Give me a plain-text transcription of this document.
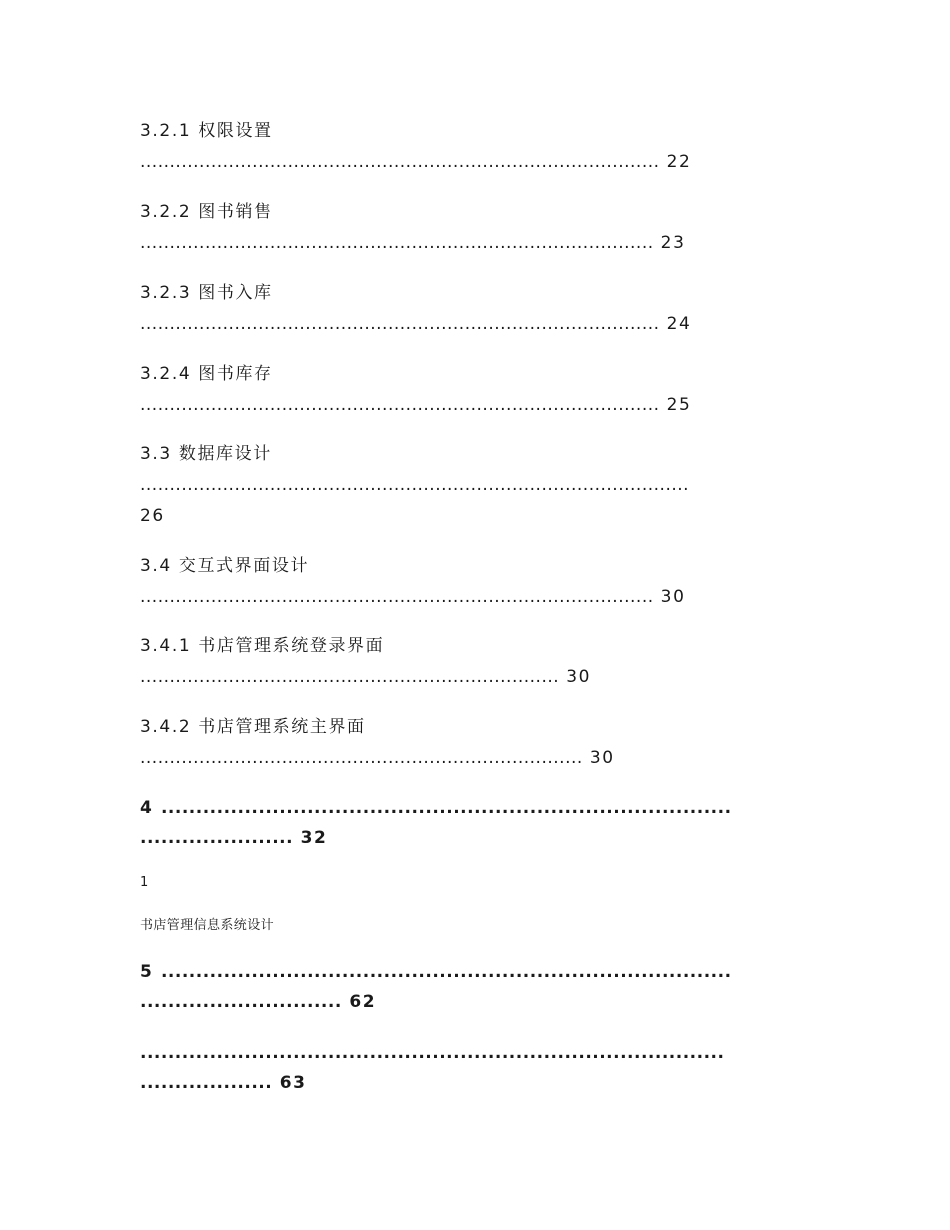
3.2.1 权限设置
........................................................................................ 22
3.2.2 图书销售
....................................................................................... 23
3.2.3 图书入库
........................................................................................ 24
3.2.4 图书库存
........................................................................................ 25
3.3 数据库设计
.............................................................................................
26
3.4 交互式界面设计
....................................................................................... 30
3.4.1 书店管理系统登录界面
....................................................................... 30
3.4.2 书店管理系统主界面
........................................................................... 30
4 ..................................................................................
...................... 32
1
书店管理信息系统设计
5 ..................................................................................
............................. 62
....................................................................................
................... 63
